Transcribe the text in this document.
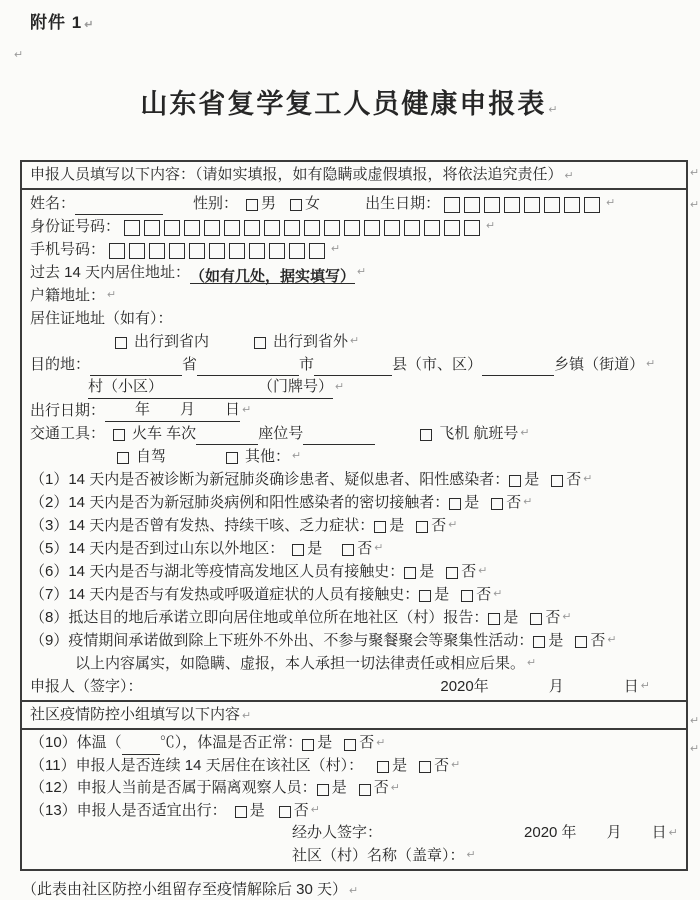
附件 1 ↵
↵
山东省复学复工人员健康申报表 ↵
申报人员填写以下内容：（请如实填报，如有隐瞒或虚假填报，将依法追究责任） ↵
姓名：	性别： 男 女	出生日期：	↵
身份证号码：	↵
手机号码：	↵
过去 14 天内居住地址： （如有几处，据实填写） ↵
户籍地址： ↵
居住证地址（如有）：
出行到省内	出行到省外 ↵
目的地：	省	市	县（市、区）	乡镇（街道） ↵
村（小区）	（门牌号） ↵
出行日期： 年 月 日 ↵
交通工具： 火车 车次	座位号	飞机 航班号 ↵
自驾	其他： ↵
（1）14 天内是否被诊断为新冠肺炎确诊患者、疑似患者、阳性感染者： 是 否 ↵
（2）14 天内是否为新冠肺炎病例和阳性感染者的密切接触者： 是 否 ↵
（3）14 天内是否曾有发热、持续干咳、乏力症状： 是 否 ↵
（5）14 天内是否到过山东以外地区： 是 否 ↵
（6）14 天内是否与湖北等疫情高发地区人员有接触史： 是 否 ↵
（7）14 天内是否与有发热或呼吸道症状的人员有接触史： 是 否 ↵
（8）抵达目的地后承诺立即向居住地或单位所在地社区（村）报告： 是 否 ↵
（9）疫情期间承诺做到除上下班外不外出、不参与聚餐聚会等聚集性活动： 是 否 ↵
以上内容属实，如隐瞒、虚报，本人承担一切法律责任或相应后果。 ↵
申报人（签字）：	2020年	月	日 ↵
社区疫情防控小组填写以下内容 ↵
（10）体温（	℃），体温是否正常： 是 否 ↵
（11）申报人是否连续 14 天居住在该社区（村）： 是 否 ↵
（12）申报人当前是否属于隔离观察人员： 是 否 ↵
（13）申报人是否适宜出行： 是 否 ↵
经办人签字：	2020 年 月 日 ↵
社区（村）名称（盖章）： ↵
↵
↵
↵
↵
（此表由社区防控小组留存至疫情解除后 30 天） ↵
